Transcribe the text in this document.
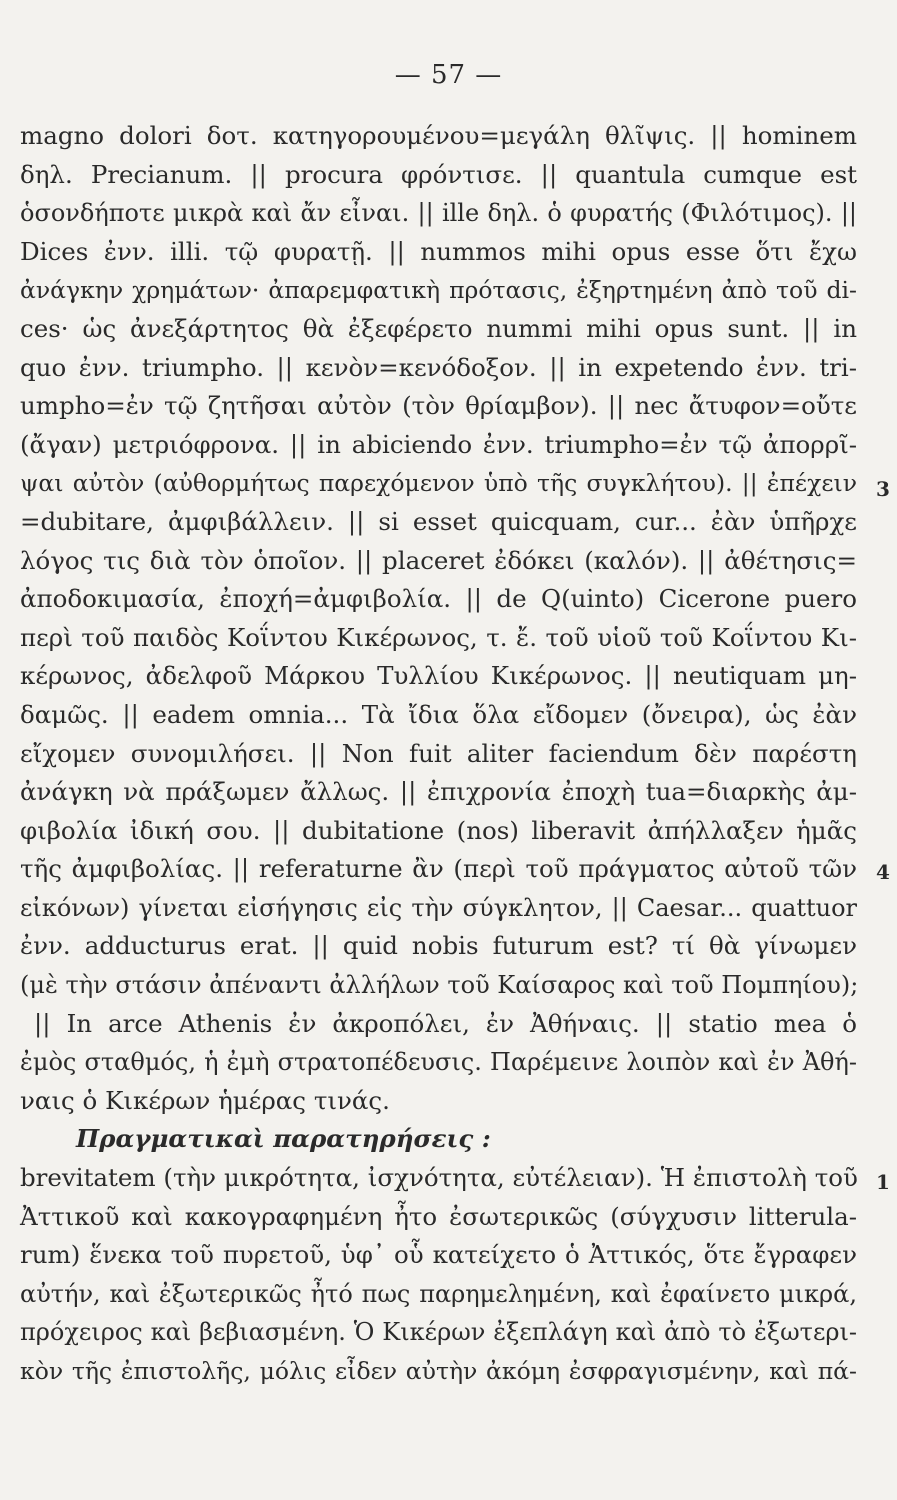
— 57 —
magno dolori δοτ. κατηγορουμένου=μεγάλη θλῖψις. || hominem
δηλ. Precianum. || procura φρόντισε. || quantula cumque est
ὁσονδήποτε μικρὰ καὶ ἄν εἶναι. || ille δηλ. ὁ φυρατής (Φιλότιμος). ||
Dices ἐνν. illi. τῷ φυρατῇ. || nummos mihi opus esse ὅτι ἔχω
ἀνάγκην χρημάτων· ἀπαρεμφατικὴ πρότασις, ἐξηρτημένη ἀπὸ τοῦ di-
ces· ὡς ἀνεξάρτητος θὰ ἐξεφέρετο nummi mihi opus sunt. || in
quo ἐνν. triumpho. || κενὸν=κενόδοξον. || in expetendo ἐνν. tri-
umpho=ἐν τῷ ζητῆσαι αὐτὸν (τὸν θρίαμβον). || nec ἄτυφον=οὔτε
(ἄγαν) μετριόφρονα. || in abiciendo ἐνν. triumpho=ἐν τῷ ἀπορρῖ-
ψαι αὐτὸν (αὐθορμήτως παρεχόμενον ὑπὸ τῆς συγκλήτου). || ἐπέχειν
=dubitare, ἀμφιβάλλειν. || si esset quicquam, cur... ἐὰν ὑπῆρχε
λόγος τις διὰ τὸν ὁποῖον. || placeret ἐδόκει (καλόν). || ἀθέτησις=
ἀποδοκιμασία, ἐποχή=ἀμφιβολία. || de Q(uinto) Cicerone puero
περὶ τοῦ παιδὸς Κοΐντου Κικέρωνος, τ. ἔ. τοῦ υἱοῦ τοῦ Κοΐντου Κι-
κέρωνος, ἀδελφοῦ Μάρκου Τυλλίου Κικέρωνος. || neutiquam μη-
δαμῶς. || eadem omnia... Τὰ ἴδια ὅλα εἴδομεν (ὄνειρα), ὡς ἐὰν
εἴχομεν συνομιλήσει. || Non fuit aliter faciendum δὲν παρέστη
ἀνάγκη νὰ πράξωμεν ἄλλως. || ἐπιχρονία ἐποχὴ tua=διαρκὴς ἀμ-
φιβολία ἰδική σου. || dubitatione (nos) liberavit ἀπήλλαξεν ἡμᾶς
τῆς ἀμφιβολίας. || referaturne ἂν (περὶ τοῦ πράγματος αὐτοῦ τῶν
εἰκόνων) γίνεται εἰσήγησις εἰς τὴν σύγκλητον, || Caesar... quattuor
ἐνν. adducturus erat. || quid nobis futurum est? τί θὰ γίνωμεν
(μὲ τὴν στάσιν ἀπέναντι ἀλλήλων τοῦ Καίσαρος καὶ τοῦ Πομπηίου);
|| In arce Athenis ἐν ἀκροπόλει, ἐν Ἀθήναις. || statio mea ὁ
ἐμὸς σταθμός, ἡ ἐμὴ στρατοπέδευσις. Παρέμεινε λοιπὸν καὶ ἐν Ἀθή-
ναις ὁ Κικέρων ἡμέρας τινάς.
Πραγματικαὶ παρατηρήσεις :
brevitatem (τὴν μικρότητα, ἰσχνότητα, εὐτέλειαν). Ἡ ἐπιστολὴ τοῦ
Ἀττικοῦ καὶ κακογραφημένη ἦτο ἐσωτερικῶς (σύγχυσιν litterula-
rum) ἕνεκα τοῦ πυρετοῦ, ὑφ᾽ οὗ κατείχετο ὁ Ἀττικός, ὅτε ἔγραφεν
αὐτήν, καὶ ἐξωτερικῶς ἦτό πως παρημελημένη, καὶ ἐφαίνετο μικρά,
πρόχειρος καὶ βεβιασμένη. Ὁ Κικέρων ἐξεπλάγη καὶ ἀπὸ τὸ ἐξωτερι-
κὸν τῆς ἐπιστολῆς, μόλις εἶδεν αὐτὴν ἀκόμη ἐσφραγισμένην, καὶ πά-
3
4
1
